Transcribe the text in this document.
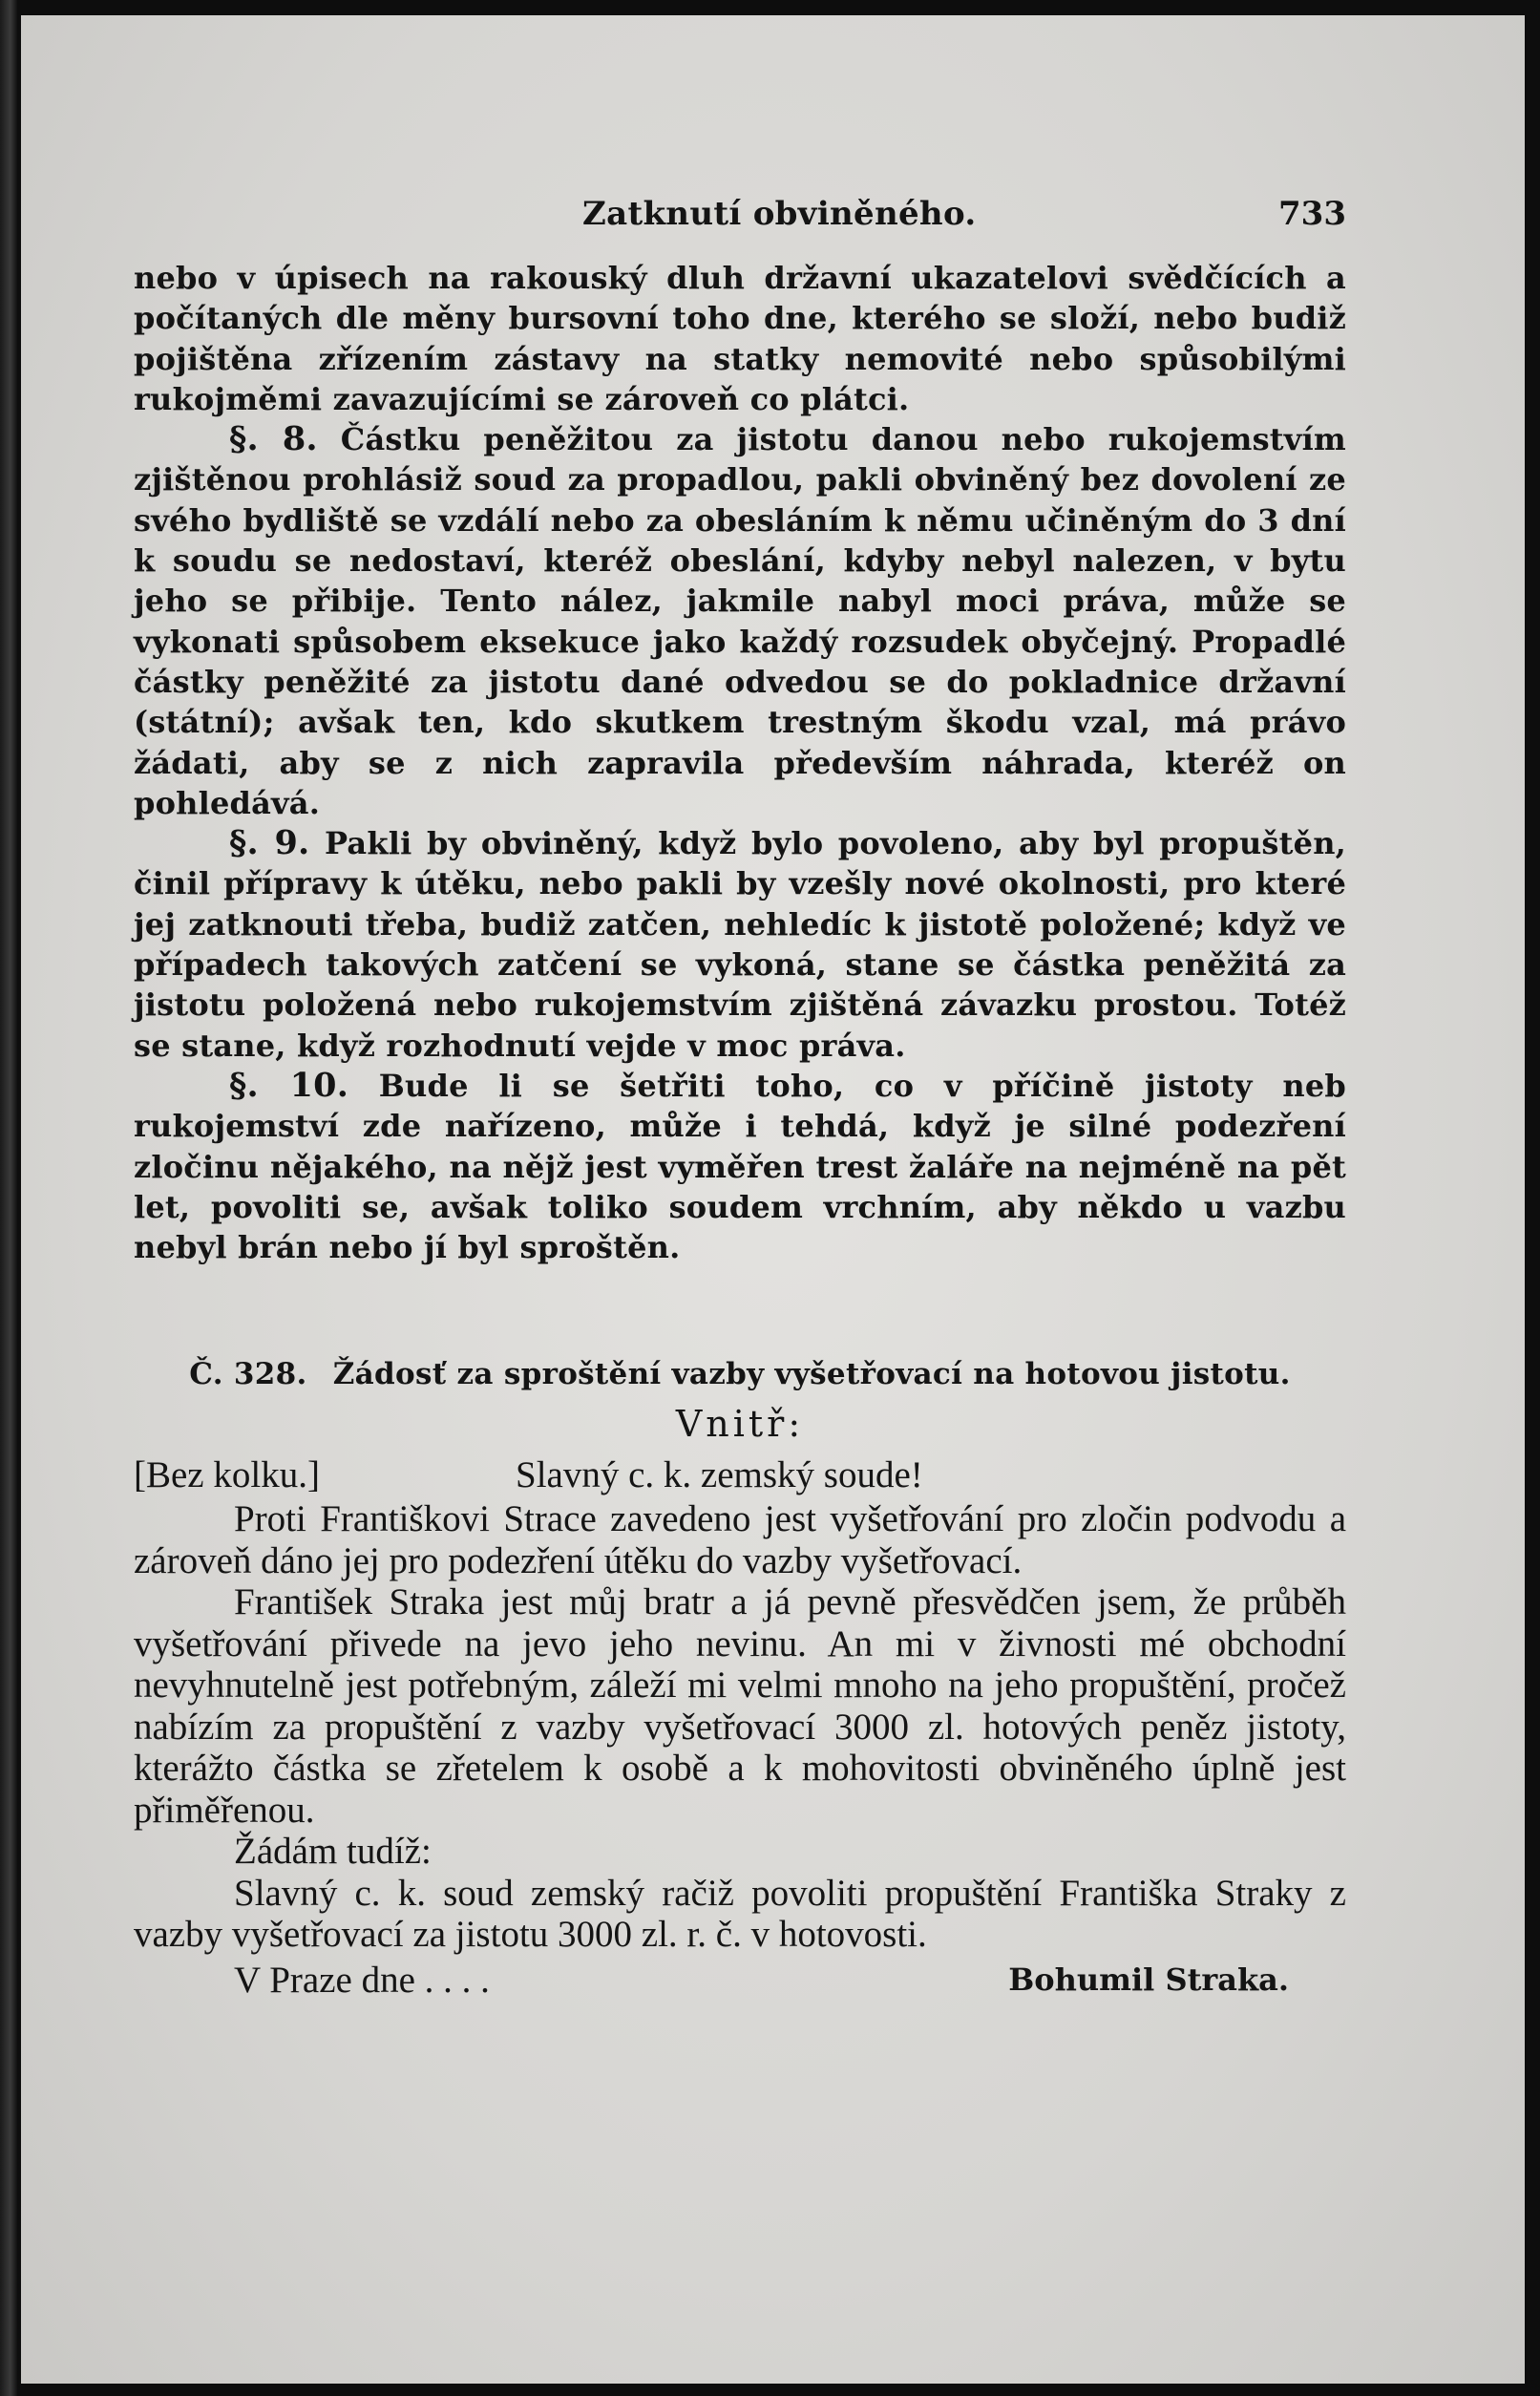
Zatknutí obviněného.	733

nebo v úpisech na rakouský dluh državní ukazatelovi svědčících a počítaných dle měny bursovní toho dne, kterého se složí, nebo budiž pojištěna zřízením zástavy na statky nemovité nebo spůsobilými rukojměmi zavazujícími se zároveň co plátci.

§. 8. Částku peněžitou za jistotu danou nebo rukojemstvím zjištěnou prohlásiž soud za propadlou, pakli obviněný bez dovolení ze svého bydliště se vzdálí nebo za obesláním k němu učiněným do 3 dní k soudu se nedostaví, kteréž obeslání, kdyby nebyl nalezen, v bytu jeho se přibije. Tento nález, jakmile nabyl moci práva, může se vykonati spůsobem eksekuce jako každý rozsudek obyčejný. Propadlé částky peněžité za jistotu dané odvedou se do pokladnice državní (státní); avšak ten, kdo skutkem trestným škodu vzal, má právo žádati, aby se z nich zapravila především náhrada, kteréž on pohledává.

§. 9. Pakli by obviněný, když bylo povoleno, aby byl propuštěn, činil přípravy k útěku, nebo pakli by vzešly nové okolnosti, pro které jej zatknouti třeba, budiž zatčen, nehledíc k jistotě položené; když ve případech takových zatčení se vykoná, stane se částka peněžitá za jistotu položená nebo rukojemstvím zjištěná závazku prostou. Totéž se stane, když rozhodnutí vejde v moc práva.

§. 10. Bude li se šetřiti toho, co v příčině jistoty neb rukojemství zde nařízeno, může i tehdá, když je silné podezření zločinu nějakého, na nějž jest vyměřen trest žaláře na nejméně na pět let, povoliti se, avšak toliko soudem vrchním, aby někdo u vazbu nebyl brán nebo jí byl sproštěn.

Č. 328. Žádosť za sproštění vazby vyšetřovací na hotovou jistotu.
Vnitř:
[Bez kolku.]	Slavný c. k. zemský soude!

Proti Františkovi Strace zavedeno jest vyšetřování pro zločin podvodu a zároveň dáno jej pro podezření útěku do vazby vyšetřovací.

František Straka jest můj bratr a já pevně přesvědčen jsem, že průběh vyšetřování přivede na jevo jeho nevinu. An mi v živnosti mé obchodní nevyhnutelně jest potřebným, záleží mi velmi mnoho na jeho propuštění, pročež nabízím za propuštění z vazby vyšetřovací 3000 zl. hotových peněz jistoty, kterážto částka se zřetelem k osobě a k mohovitosti obviněného úplně jest přiměřenou.

Žádám tudíž:

Slavný c. k. soud zemský račiž povoliti propuštění Františka Straky z vazby vyšetřovací za jistotu 3000 zl. r. č. v hotovosti.

V Praze dne . . . .	Bohumil Straka.
